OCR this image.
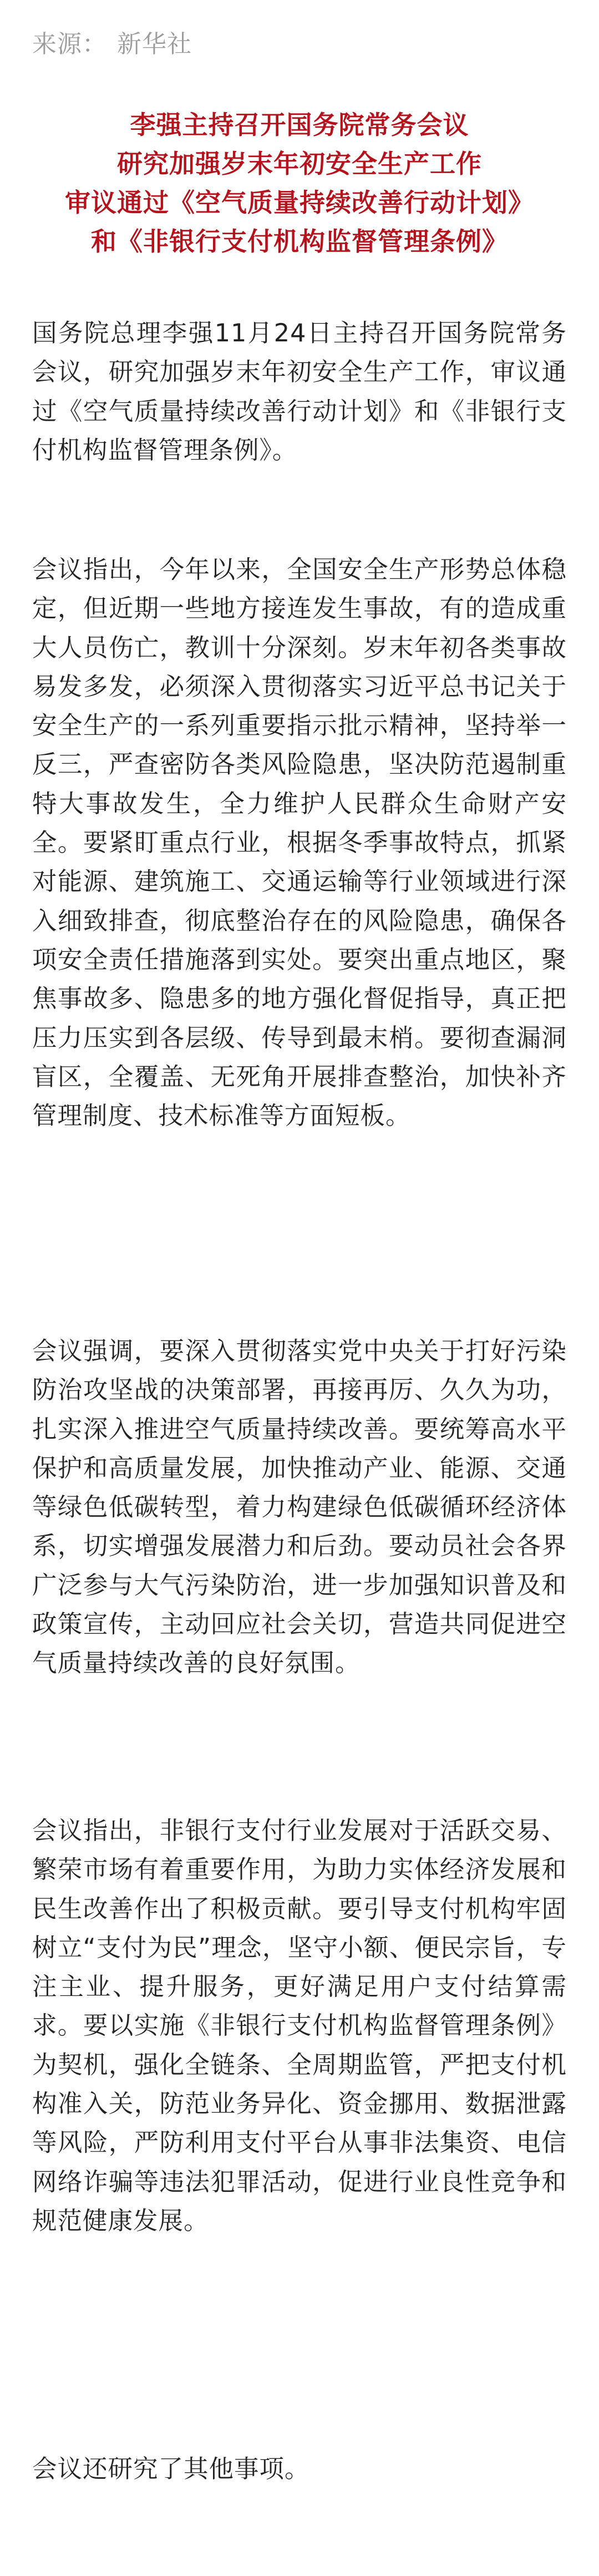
来源： 新华社
李强主持召开国务院常务会议
研究加强岁末年初安全生产工作
审议通过《空气质量持续改善行动计划》
和《非银行支付机构监督管理条例》

国务院总理李强11月24日主持召开国务院常务会议，研究加强岁末年初安全生产工作，审议通过《空气质量持续改善行动计划》和《非银行支付机构监督管理条例》。

会议指出，今年以来，全国安全生产形势总体稳定，但近期一些地方接连发生事故，有的造成重大人员伤亡，教训十分深刻。岁末年初各类事故易发多发，必须深入贯彻落实习近平总书记关于安全生产的一系列重要指示批示精神，坚持举一反三，严查密防各类风险隐患，坚决防范遏制重特大事故发生，全力维护人民群众生命财产安全。要紧盯重点行业，根据冬季事故特点，抓紧对能源、建筑施工、交通运输等行业领域进行深入细致排查，彻底整治存在的风险隐患，确保各项安全责任措施落到实处。要突出重点地区，聚焦事故多、隐患多的地方强化督促指导，真正把压力压实到各层级、传导到最末梢。要彻查漏洞盲区，全覆盖、无死角开展排查整治，加快补齐管理制度、技术标准等方面短板。

会议强调，要深入贯彻落实党中央关于打好污染防治攻坚战的决策部署，再接再厉、久久为功，扎实深入推进空气质量持续改善。要统筹高水平保护和高质量发展，加快推动产业、能源、交通等绿色低碳转型，着力构建绿色低碳循环经济体系，切实增强发展潜力和后劲。要动员社会各界广泛参与大气污染防治，进一步加强知识普及和政策宣传，主动回应社会关切，营造共同促进空气质量持续改善的良好氛围。

会议指出，非银行支付行业发展对于活跃交易、繁荣市场有着重要作用，为助力实体经济发展和民生改善作出了积极贡献。要引导支付机构牢固树立“支付为民”理念，坚守小额、便民宗旨，专注主业、提升服务，更好满足用户支付结算需求。要以实施《非银行支付机构监督管理条例》为契机，强化全链条、全周期监管，严把支付机构准入关，防范业务异化、资金挪用、数据泄露等风险，严防利用支付平台从事非法集资、电信网络诈骗等违法犯罪活动，促进行业良性竞争和规范健康发展。

会议还研究了其他事项。
